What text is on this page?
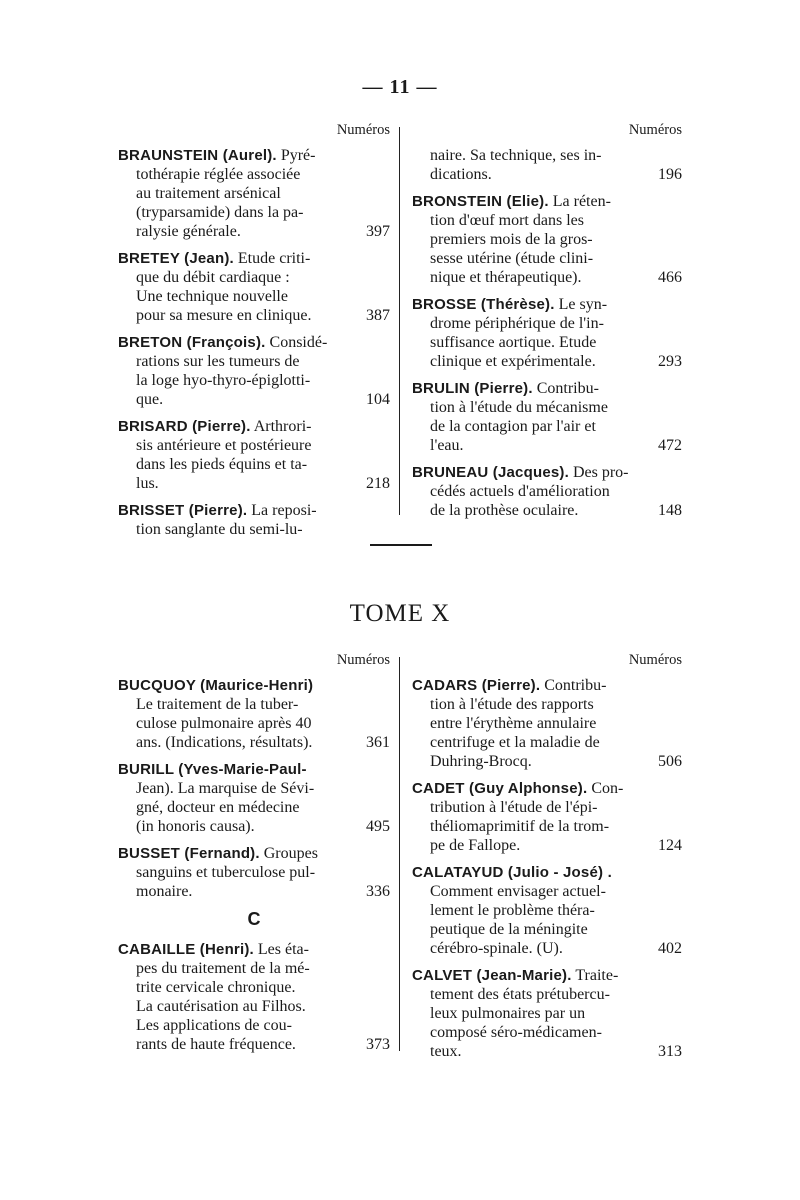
— 11 —
Numéros
BRAUNSTEIN (Aurel). Pyré-
tothérapie réglée associée
au traitement arsénical
(tryparsamide) dans la pa-
ralysie générale.	397
BRETEY (Jean). Etude criti-
que du débit cardiaque :
Une technique nouvelle
pour sa mesure en clinique.	387
BRETON (François). Considé-
rations sur les tumeurs de
la loge hyo-thyro-épiglotti-
que.	104
BRISARD (Pierre). Arthrori-
sis antérieure et postérieure
dans les pieds équins et ta-
lus.	218
BRISSET (Pierre). La reposi-
tion sanglante du semi-lu-
Numéros
naire. Sa technique, ses in-
dications.	196
BRONSTEIN (Elie). La réten-
tion d'œuf mort dans les
premiers mois de la gros-
sesse utérine (étude clini-
nique et thérapeutique).	466
BROSSE (Thérèse). Le syn-
drome périphérique de l'in-
suffisance aortique. Etude
clinique et expérimentale.	293
BRULIN (Pierre). Contribu-
tion à l'étude du mécanisme
de la contagion par l'air et
l'eau.	472
BRUNEAU (Jacques). Des pro-
cédés actuels d'amélioration
de la prothèse oculaire.	148
TOME X
Numéros
BUCQUOY (Maurice-Henri)
Le traitement de la tuber-
culose pulmonaire après 40
ans. (Indications, résultats).	361
BURILL (Yves-Marie-Paul-
Jean). La marquise de Sévi-
gné, docteur en médecine
(in honoris causa).	495
BUSSET (Fernand). Groupes
sanguins et tuberculose pul-
monaire.	336
C
CABAILLE (Henri). Les éta-
pes du traitement de la mé-
trite cervicale chronique.
La cautérisation au Filhos.
Les applications de cou-
rants de haute fréquence.	373
Numéros
CADARS (Pierre). Contribu-
tion à l'étude des rapports
entre l'érythème annulaire
centrifuge et la maladie de
Duhring-Brocq.	506
CADET (Guy Alphonse). Con-
tribution à l'étude de l'épi-
théliomaprimitif de la trom-
pe de Fallope.	124
CALATAYUD (Julio - José) .
Comment envisager actuel-
lement le problème théra-
peutique de la méningite
cérébro-spinale. (U).	402
CALVET (Jean-Marie). Traite-
tement des états prétubercu-
leux pulmonaires par un
composé séro-médicamen-
teux.	313
